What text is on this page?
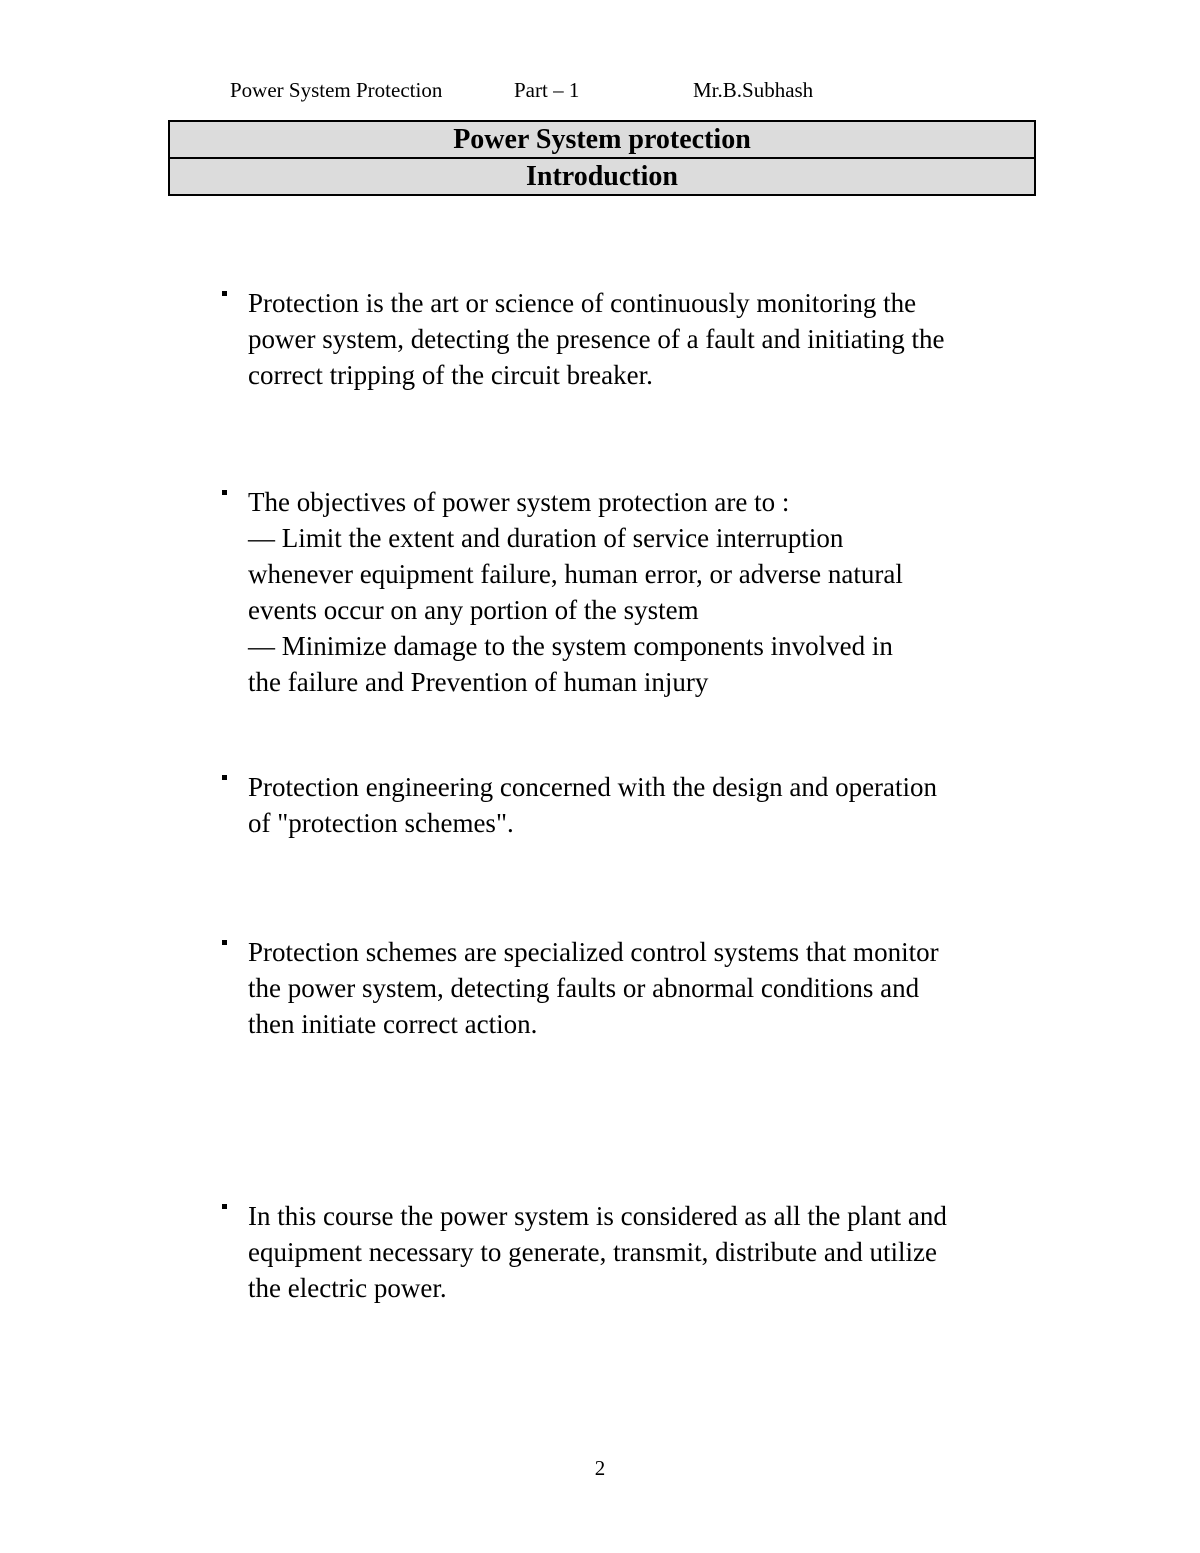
Power System Protection	Part – 1	Mr.B.Subhash
Power System protection
Introduction
Protection is the art or science of continuously monitoring the
power system, detecting the presence of a fault and initiating the
correct tripping of the circuit breaker.
The objectives of power system protection are to :
— Limit the extent and duration of service interruption
whenever equipment failure, human error, or adverse natural
events occur on any portion of the system
— Minimize damage to the system components involved in
the failure and Prevention of human injury
Protection engineering concerned with the design and operation
of "protection schemes".
Protection schemes are specialized control systems that monitor
the power system, detecting faults or abnormal conditions and
then initiate correct action.
In this course the power system is considered as all the plant and
equipment necessary to generate, transmit, distribute and utilize
the electric power.
2
